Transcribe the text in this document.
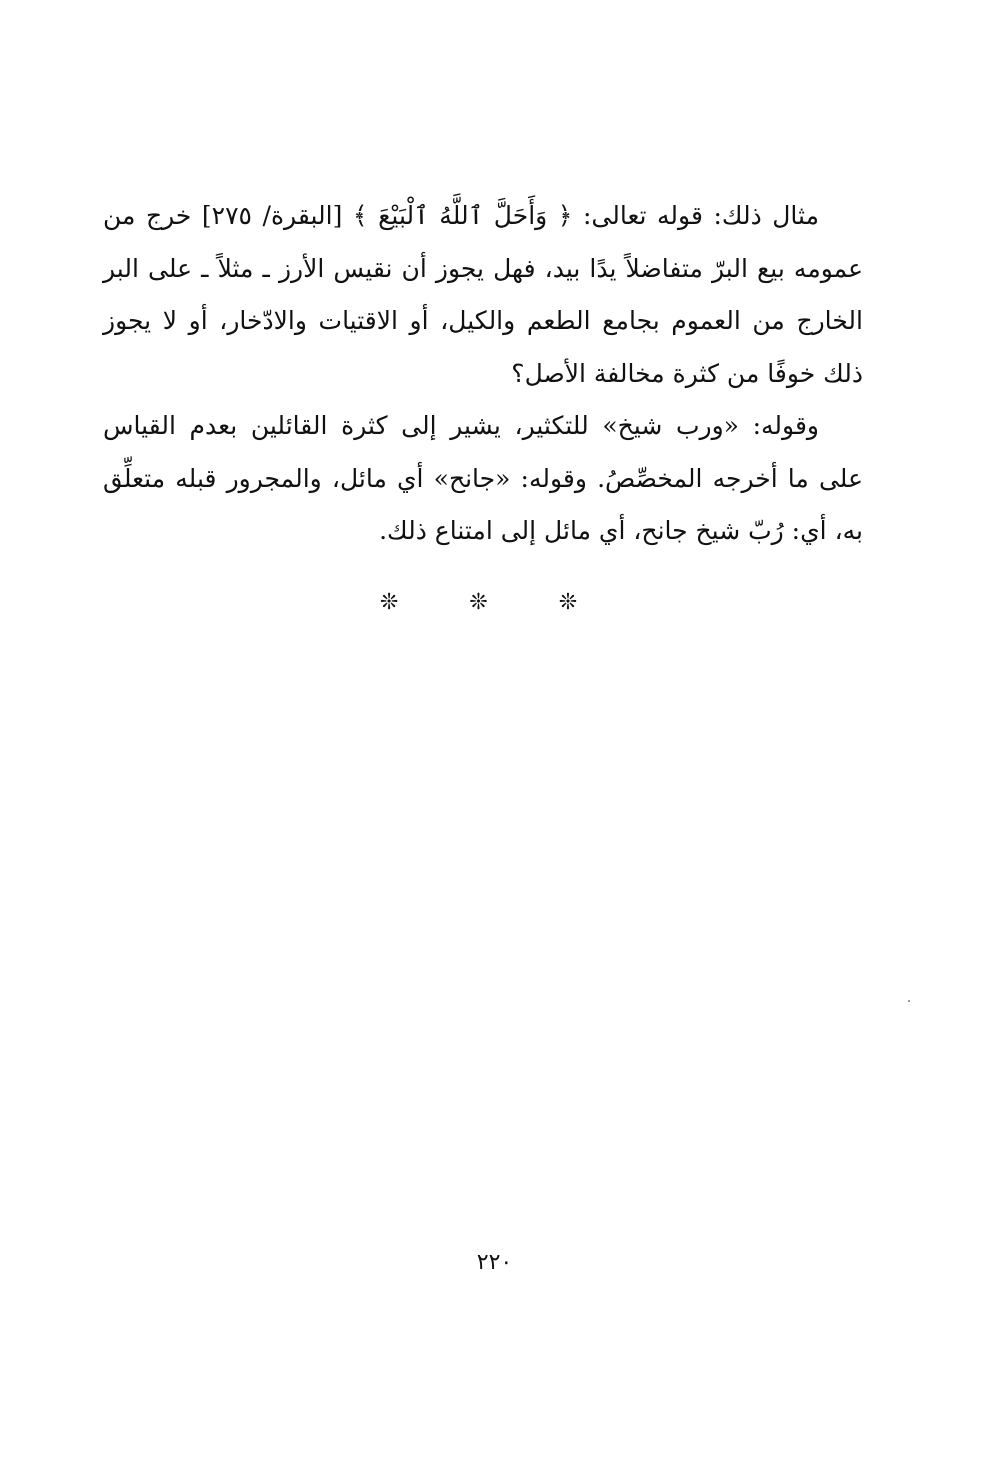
مثال ذلك: قوله تعالى: ﴿ وَأَحَلَّ ٱللَّهُ ٱلْبَيْعَ ﴾ [البقرة/ ٢٧٥] خرج من عمومه بيع البرّ متفاضلاً يدًا بيد، فهل يجوز أن نقيس الأرز ـ مثلاً ـ على البر الخارج من العموم بجامع الطعم والكيل، أو الاقتيات والادّخار، أو لا يجوز ذلك خوفًا من كثرة مخالفة الأصل؟

وقوله: «ورب شيخ» للتكثير، يشير إلى كثرة القائلين بعدم القياس على ما أخرجه المخصِّصُ. وقوله: «جانح» أي مائل، والمجرور قبله متعلِّق به، أي: رُبّ شيخ جانح، أي مائل إلى امتناع ذلك.

❊ ❊ ❊
٢٢٠
